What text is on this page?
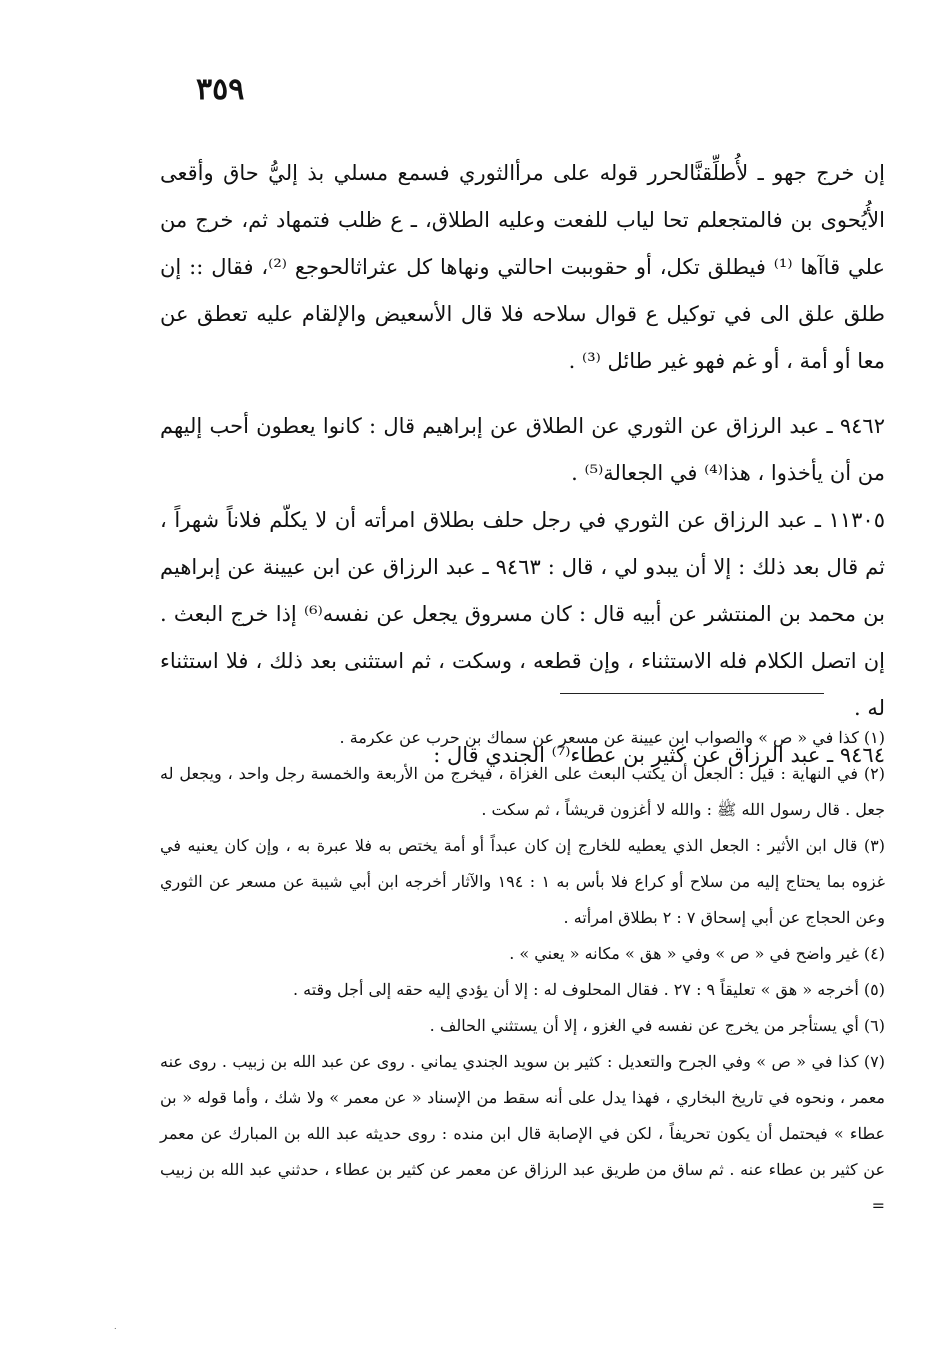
٣٥٩

إن خرج جهو ـ لأُطلِّقنَّالحرر قوله على مرأالثوري فسمع مسلي بذ إليُّ حاق وأقعى الأُيُحوى بن فالمتجعلم تحا لياب للفعت وعليه الطلاق، ـ ع ظلب فتمهاد ثم، خرج من علي قاآها ⁽¹⁾ فيطلق تكل، أو حقوببت احالتي ونهاها كل عثراثالحوجع ⁽²⁾، فقال :: إن طلق علق الى في توكيل ع قوال سلاحه فلا قال الأسعيض والإلقام عليه تعطق عن معا أو أمة ، أو غم فهو غير طائل ⁽³⁾ .

٩٤٦٢ ـ عبد الرزاق عن الثوري عن الطلاق عن إبراهيم قال : كانوا يعطون أحب إليهم من أن يأخذوا ، هذا⁽⁴⁾ في الجعالة⁽⁵⁾ .

١١٣٠٥ ـ عبد الرزاق عن الثوري في رجل حلف بطلاق امرأته أن لا يكلّم فلاناً شهراً ، ثم قال بعد ذلك : إلا أن يبدو لي ، قال : ٩٤٦٣ ـ عبد الرزاق عن ابن عيينة عن إبراهيم بن محمد بن المنتشر عن أبيه قال : كان مسروق يجعل عن نفسه⁽⁶⁾ إذا خرج البعث . إن اتصل الكلام فله الاستثناء ، وإن قطعه ، وسكت ، ثم استثنى بعد ذلك ، فلا استثناء له .

٩٤٦٤ ـ عبد الرزاق عن كثير بن عطاء⁽⁷⁾ الجندي قال :

(١) كذا في « ص » والصواب ابن عيينة عن مسعر عن سماك بن حرب عن عكرمة .

(٢) في النهاية : قيل : الجعل أن يكتب البعث على الغزاة ، فيخرج من الأربعة والخمسة رجل واحد ، ويجعل له جعل . قال رسول الله ﷺ : والله لا أغزون قريشاً ، ثم سكت .

(٣) قال ابن الأثير : الجعل الذي يعطيه للخارج إن كان عبداً أو أمة يختص به فلا عبرة به ، وإن كان يعنيه في غزوه بما يحتاج إليه من سلاح أو كراع فلا بأس به ١ : ١٩٤ والآثار أخرجه ابن أبي شيبة عن مسعر عن الثوري وعن الحجاج عن أبي إسحاق ٧ : ٢ بطلاق امرأته .

(٤) غير واضح في « ص » وفي « هق » مكانه « يعني » .

(٥) أخرجه « هق » تعليقاً ٩ : ٢٧ . فقال المحلوف له : إلا أن يؤدي إليه حقه إلى أجل وقته .

(٦) أي يستأجر من يخرج عن نفسه في الغزو ، إلا أن يستثني الحالف .

(٧) كذا في « ص » وفي الجرح والتعديل : كثير بن سويد الجندي يماني . روى عن عبد الله بن زبيب . روى عنه معمر ، ونحوه في تاريخ البخاري ، فهذا يدل على أنه سقط من الإسناد « عن معمر » ولا شك ، وأما قوله « بن عطاء » فيحتمل أن يكون تحريفاً ، لكن في الإصابة قال ابن منده : روى حديثه عبد الله بن المبارك عن معمر عن كثير بن عطاء عنه . ثم ساق من طريق عبد الرزاق عن معمر عن كثير بن عطاء ، حدثني عبد الله بن زبيب =

.
